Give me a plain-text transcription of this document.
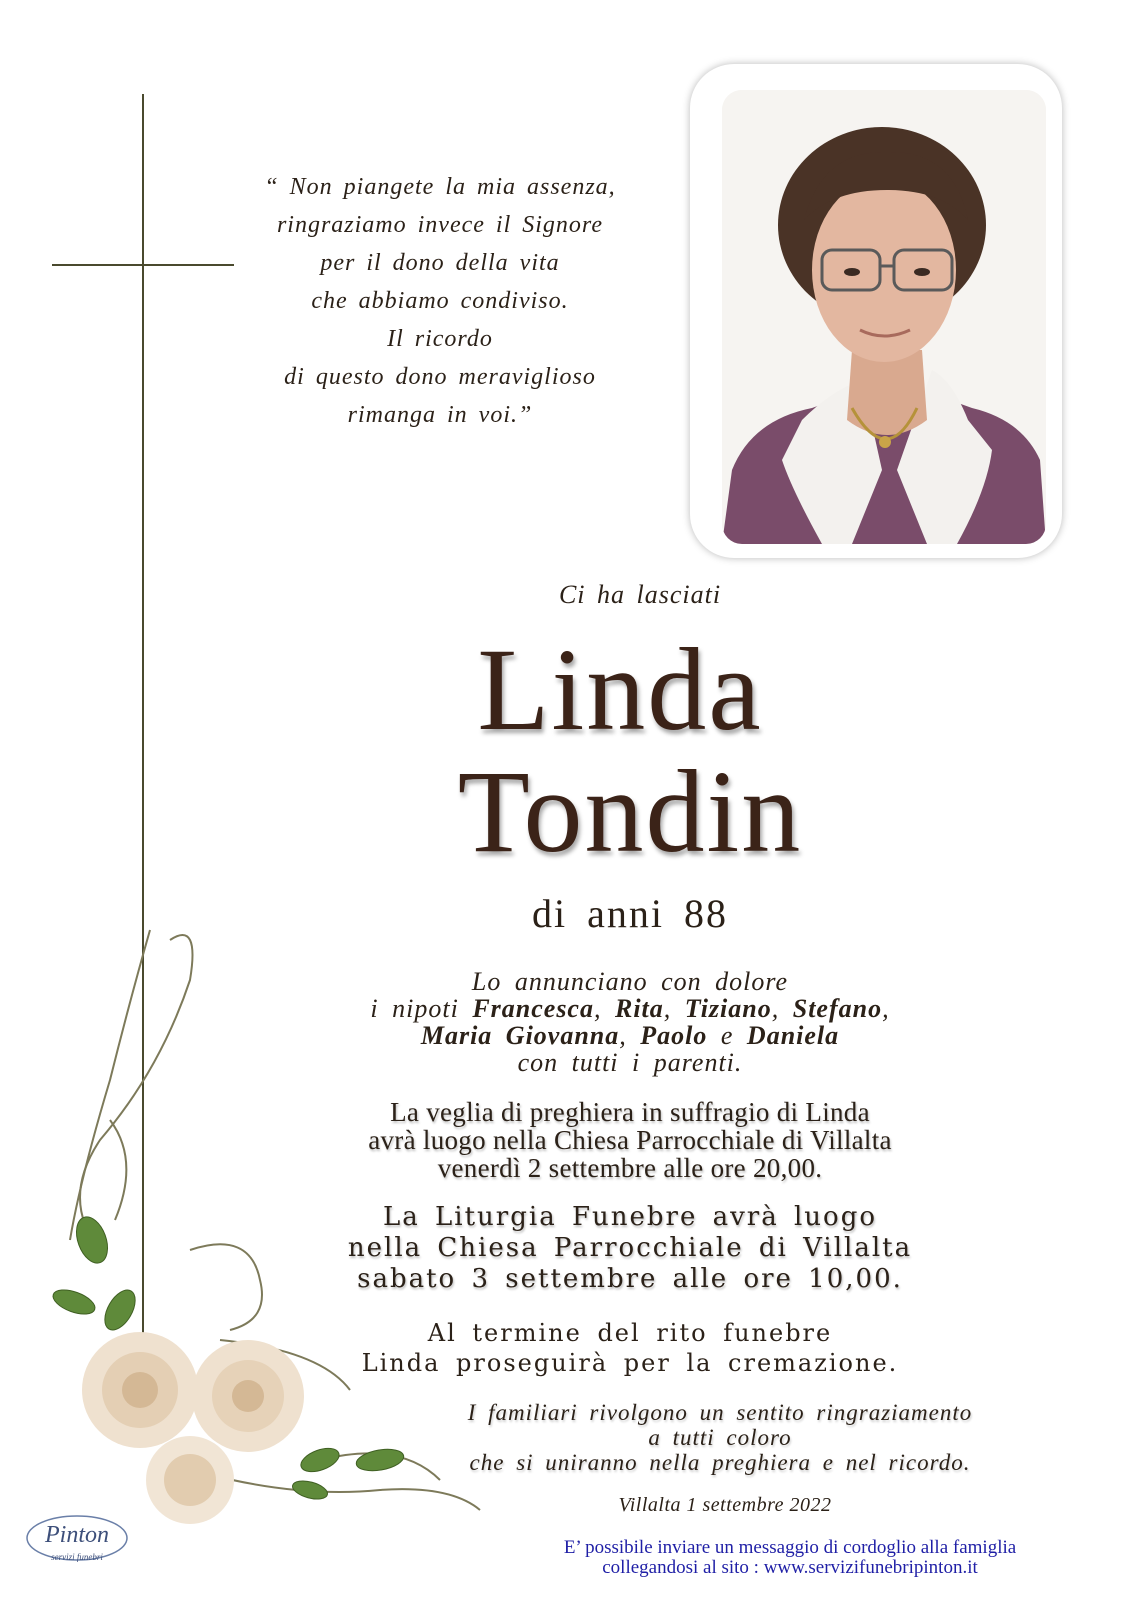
“ Non piangete la mia assenza,
ringraziamo invece il Signore
per il dono della vita
che abbiamo condiviso.
Il ricordo
di questo dono meraviglioso
rimanga in voi.”
Ci ha lasciati
Linda
Tondin
di anni 88
Lo annunciano con dolore
i nipoti Francesca, Rita, Tiziano, Stefano,
Maria Giovanna, Paolo e Daniela
con tutti i parenti.
La veglia di preghiera in suffragio di Linda
avrà luogo nella Chiesa Parrocchiale di Villalta
venerdì 2 settembre alle ore 20,00.
La Liturgia Funebre avrà luogo
nella Chiesa Parrocchiale di Villalta
sabato 3 settembre alle ore 10,00.
Al termine del rito funebre
Linda proseguirà per la cremazione.
I familiari rivolgono un sentito ringraziamento
a tutti coloro
che si uniranno nella preghiera e nel ricordo.
Villalta 1 settembre 2022
E’ possibile inviare un messaggio di cordoglio alla famiglia
collegandosi al sito : www.servizifunebripinton.it
Pinton
servizi funebri
